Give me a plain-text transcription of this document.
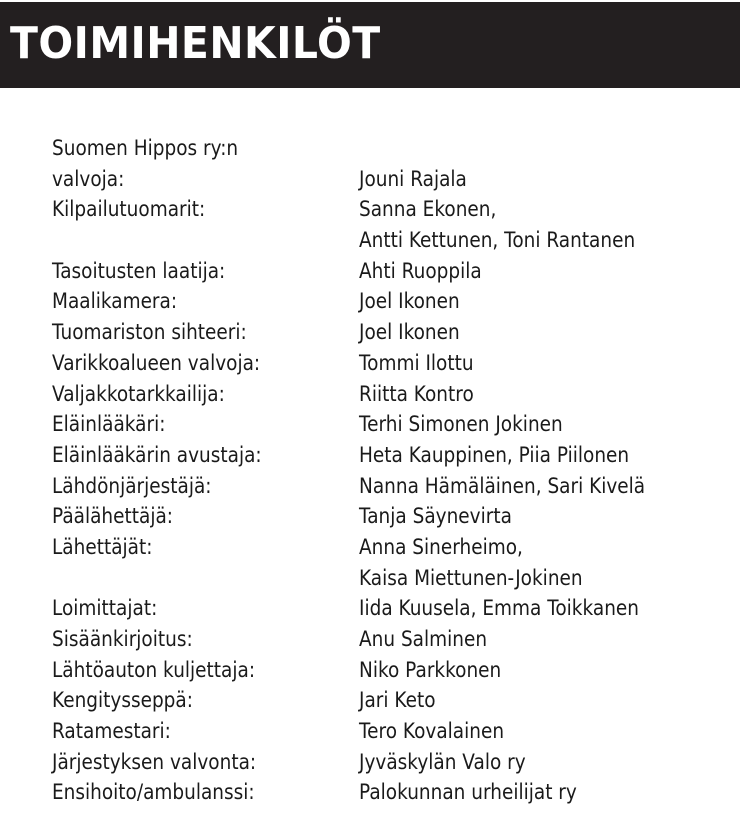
TOIMIHENKILÖT
Suomen Hippos ry:n
valvoja:	Jouni Rajala
Kilpailutuomarit:	Sanna Ekonen,
Antti Kettunen, Toni Rantanen
Tasoitusten laatija:	Ahti Ruoppila
Maalikamera:	Joel Ikonen
Tuomariston sihteeri:	Joel Ikonen
Varikkoalueen valvoja:	Tommi Ilottu
Valjakkotarkkailija:	Riitta Kontro
Eläinlääkäri:	Terhi Simonen Jokinen
Eläinlääkärin avustaja:	Heta Kauppinen, Piia Piilonen
Lähdönjärjestäjä:	Nanna Hämäläinen, Sari Kivelä
Päälähettäjä:	Tanja Säynevirta
Lähettäjät:	Anna Sinerheimo,
Kaisa Miettunen-Jokinen
Loimittajat:	Iida Kuusela, Emma Toikkanen
Sisäänkirjoitus:	Anu Salminen
Lähtöauton kuljettaja:	Niko Parkkonen
Kengitysseppä:	Jari Keto
Ratamestari:	Tero Kovalainen
Järjestyksen valvonta:	Jyväskylän Valo ry
Ensihoito/ambulanssi:	Palokunnan urheilijat ry
